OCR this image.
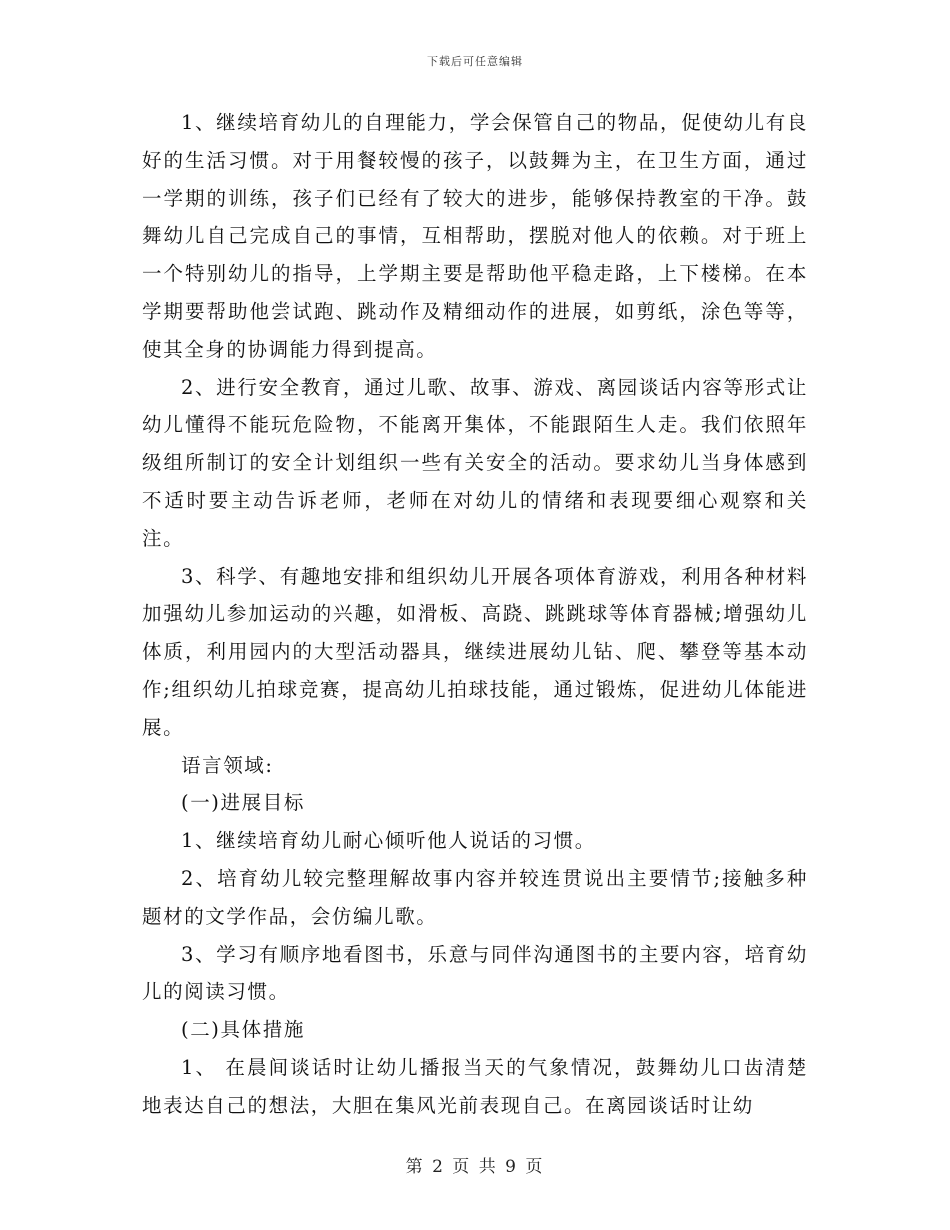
下载后可任意编辑

1、继续培育幼儿的自理能力，学会保管自己的物品，促使幼儿有良好的生活习惯。对于用餐较慢的孩子，以鼓舞为主，在卫生方面，通过一学期的训练，孩子们已经有了较大的进步，能够保持教室的干净。鼓舞幼儿自己完成自己的事情，互相帮助，摆脱对他人的依赖。对于班上一个特别幼儿的指导，上学期主要是帮助他平稳走路，上下楼梯。在本学期要帮助他尝试跑、跳动作及精细动作的进展，如剪纸，涂色等等，使其全身的协调能力得到提高。

2、进行安全教育，通过儿歌、故事、游戏、离园谈话内容等形式让幼儿懂得不能玩危险物，不能离开集体，不能跟陌生人走。我们依照年级组所制订的安全计划组织一些有关安全的活动。要求幼儿当身体感到不适时要主动告诉老师，老师在对幼儿的情绪和表现要细心观察和关注。

3、科学、有趣地安排和组织幼儿开展各项体育游戏，利用各种材料加强幼儿参加运动的兴趣，如滑板、高跷、跳跳球等体育器械;增强幼儿体质，利用园内的大型活动器具，继续进展幼儿钻、爬、攀登等基本动作;组织幼儿拍球竞赛，提高幼儿拍球技能，通过锻炼，促进幼儿体能进展。

语言领域:

(一)进展目标

1、继续培育幼儿耐心倾听他人说话的习惯。

2、培育幼儿较完整理解故事内容并较连贯说出主要情节;接触多种题材的文学作品，会仿编儿歌。

3、学习有顺序地看图书，乐意与同伴沟通图书的主要内容，培育幼儿的阅读习惯。

(二)具体措施

1、 在晨间谈话时让幼儿播报当天的气象情况，鼓舞幼儿口齿清楚地表达自己的想法，大胆在集风光前表现自己。在离园谈话时让幼

第 2 页 共 9 页
